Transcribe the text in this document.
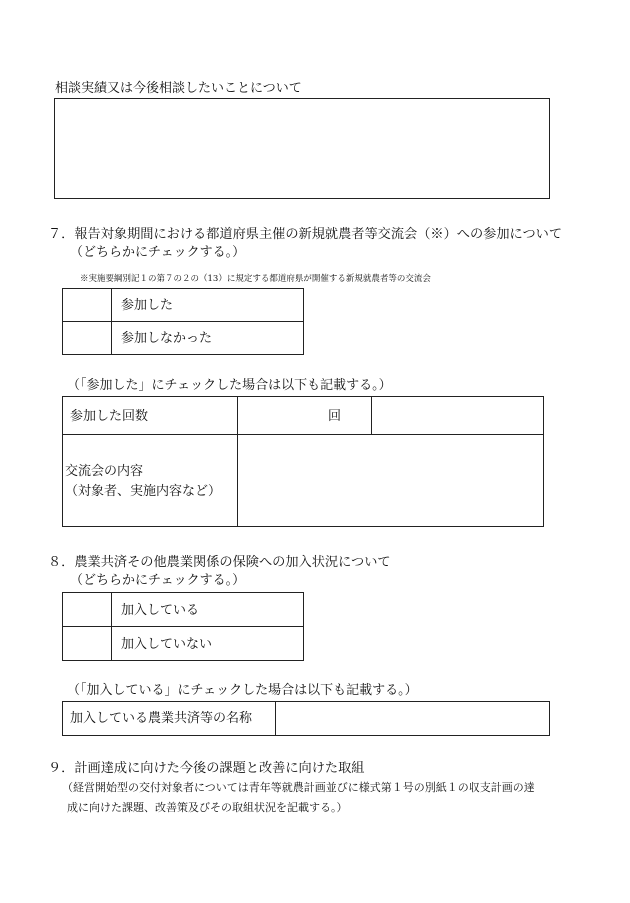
相談実績又は今後相談したいことについて
７．報告対象期間における都道府県主催の新規就農者等交流会（※）への参加について
（どちらかにチェックする。）
※実施要綱別記１の第７の２の（13）に規定する都道府県が開催する新規就農者等の交流会
参加した
参加しなかった
（「参加した」にチェックした場合は以下も記載する。）
参加した回数	回
交流会の内容
（対象者、実施内容など）
８．農業共済その他農業関係の保険への加入状況について
（どちらかにチェックする。）
加入している
加入していない
（「加入している」にチェックした場合は以下も記載する。）
加入している農業共済等の名称
９．計画達成に向けた今後の課題と改善に向けた取組
（経営開始型の交付対象者については青年等就農計画並びに様式第１号の別紙１の収支計画の達
成に向けた課題、改善策及びその取組状況を記載する。）
